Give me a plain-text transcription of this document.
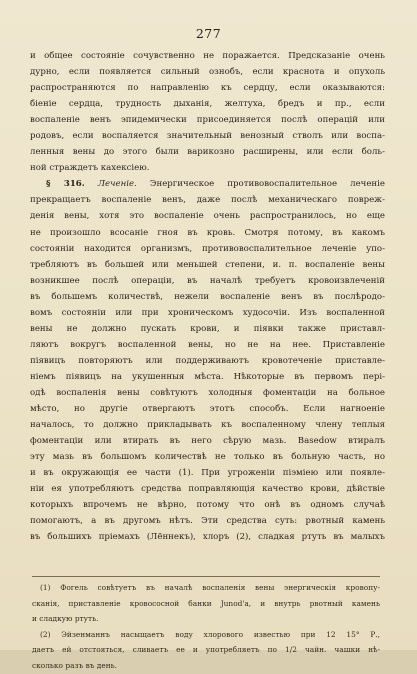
277
и общее состояніе сочувственно не поражается. Предсказаніе очень
дурно, если появляется сильный ознобъ, если краснота и опухоль
распространяются по направленію къ сердцу, если оказываются:
біеніе сердца, трудность дыханія, желтуха, бредъ и пр., если
воспаленіе венъ эпидемически присоединяется послѣ операцій или
родовъ, если воспаляется значительный венозный стволъ или воспа-
ленныя вены до этого были варикозно расширены, или если боль-
ной страждетъ кахексіею.
§ 316. Леченіе. Энергическое противовоспалительное леченіе
прекращаетъ воспаленіе венъ, даже послѣ механическаго повреж-
денія вены, хотя это воспаленіе очень распространилось, но еще
не произошло всосаніе гноя въ кровь. Смотря потому, въ какомъ
состояніи находится организмъ, противовоспалительное леченіе упо-
требляютъ въ большей или меньшей степени, и. п. воспаленіе вены
возникшее послѣ операціи, въ началѣ требуетъ кровоизвлеченій
въ большемъ количествѣ, нежели воспаленіе венъ въ послѣродо-
вомъ состояніи или при хроническомъ худосочіи. Изъ воспаленной
вены не должно пускать крови, и піявки также приставл-
ляютъ вокругъ воспаленной вены, но не на нее. Приставленіе
піявицъ повторяютъ или поддерживаютъ кровотеченіе приставле-
ніемъ піявицъ на укушенныя мѣста. Нѣкоторые въ первомъ пері-
одѣ воспаленія вены совѣтуютъ холодныя фоментаціи на больное
мѣсто, но другіе отвергаютъ этотъ способъ. Если нагноеніе
началось, то должно прикладывать къ воспаленному члену теплыя
фоментаціи или втирать въ него сѣрую мазь. Basedow втиралъ
эту мазь въ большомъ количествѣ не только въ больную часть, но
и въ окружающія ее части (1). При угроженіи піэміею или появле-
ніи ея употребляютъ средства поправляющія качество крови, дѣйствіе
которыхъ впрочемъ не вѣрно, потому что онѣ въ одномъ случаѣ
помогаютъ, а въ другомъ нѣтъ. Эти средства суть: рвотный камень
въ большихъ пріемахъ (Лённекъ), хлоръ (2), сладкая ртуть въ малыхъ
(1) Фогель совѣтуетъ въ началѣ воспаленія вены энергическія кровопу-
сканія, приставленіе кровососной банки Junod'а, и внутрь рвотный камень
и сладкую ртуть.
(2) Эйзенманнъ насыщаетъ воду хлорового известью при 12 15° Р.,
даетъ ей отстояться, сливаетъ ее и употребляетъ по 1/2 чайн. чашки нѣ-
сколько разъ въ день.
